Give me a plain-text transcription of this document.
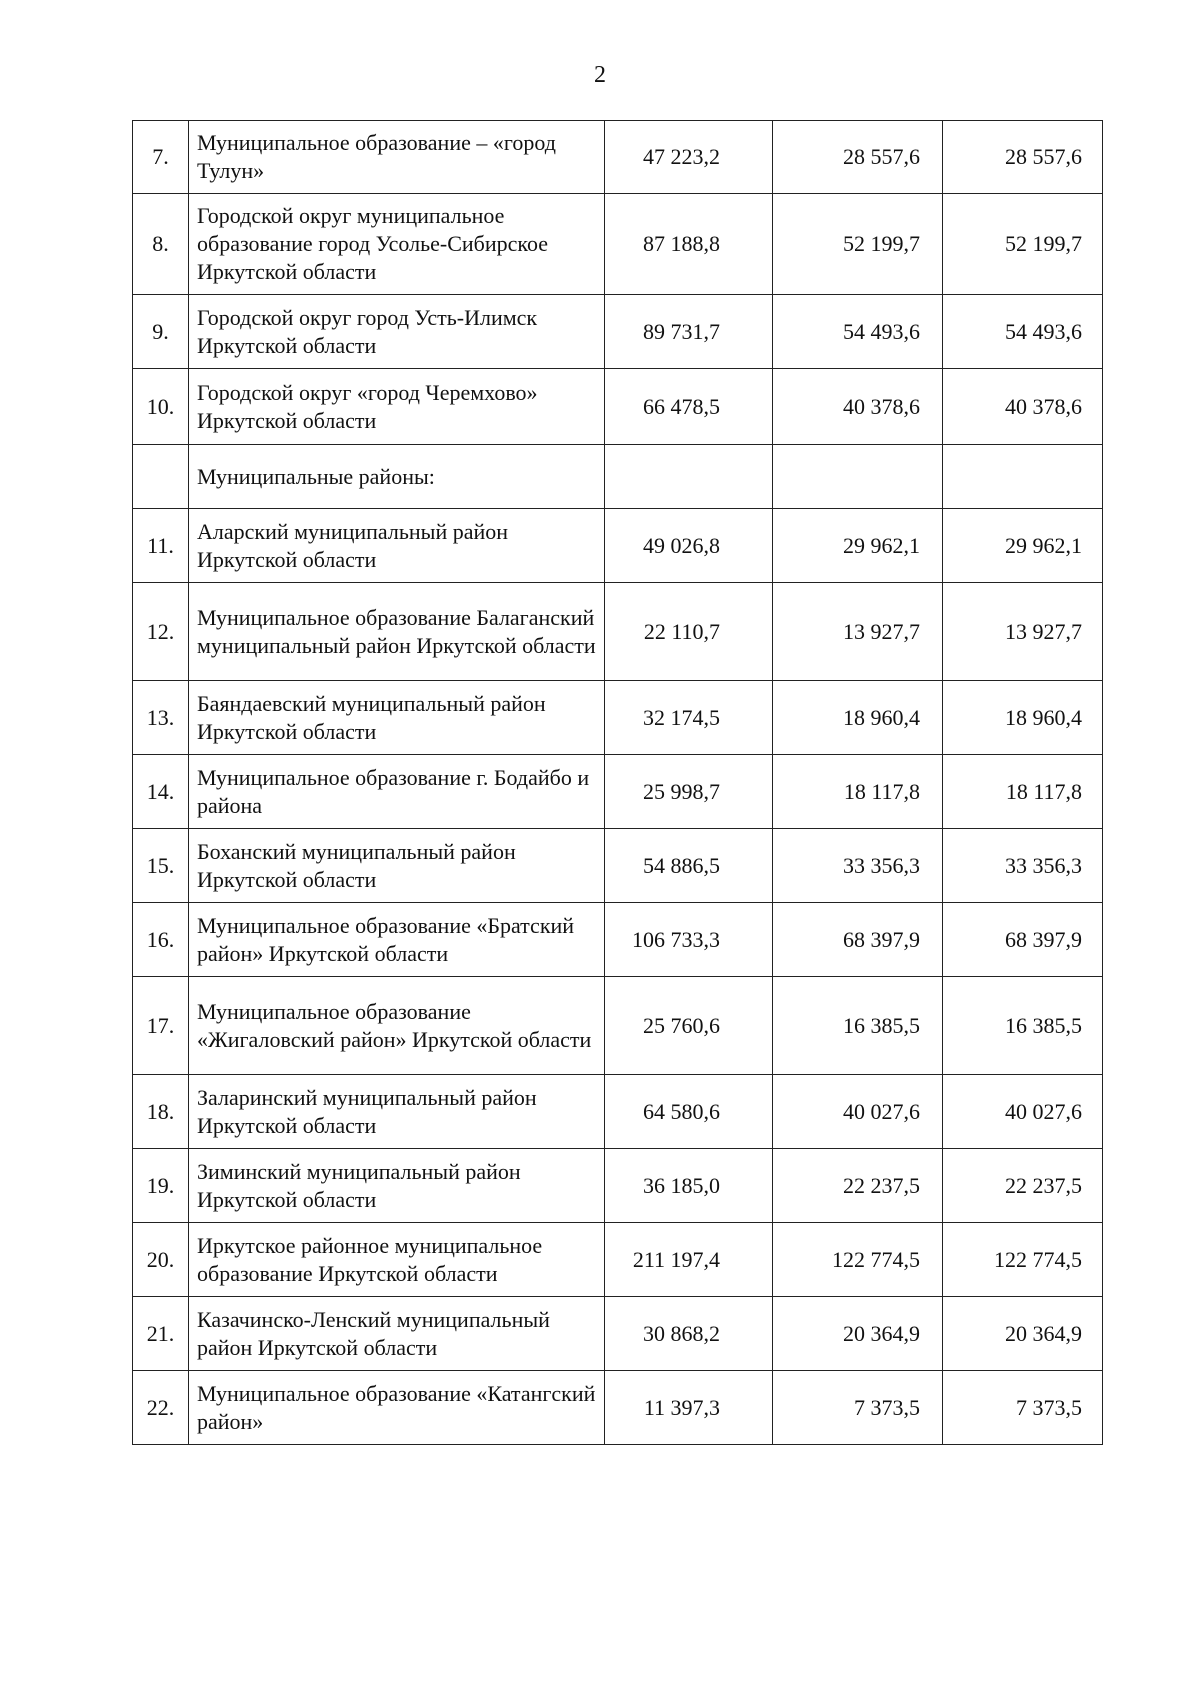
2
7.	Муниципальное образование – «город Тулун»	47 223,2	28 557,6	28 557,6
8.	Городской округ муниципальное образование город Усолье-Сибирское Иркутской области	87 188,8	52 199,7	52 199,7
9.	Городской округ город Усть-Илимск Иркутской области	89 731,7	54 493,6	54 493,6
10.	Городской округ «город Черемхово» Иркутской области	66 478,5	40 378,6	40 378,6
	Муниципальные районы:			
11.	Аларский муниципальный район Иркутской области	49 026,8	29 962,1	29 962,1
12.	Муниципальное образование Балаганский муниципальный район Иркутской области	22 110,7	13 927,7	13 927,7
13.	Баяндаевский муниципальный район Иркутской области	32 174,5	18 960,4	18 960,4
14.	Муниципальное образование г. Бодайбо и района	25 998,7	18 117,8	18 117,8
15.	Боханский муниципальный район Иркутской области	54 886,5	33 356,3	33 356,3
16.	Муниципальное образование «Братский район» Иркутской области	106 733,3	68 397,9	68 397,9
17.	Муниципальное образование «Жигаловский район» Иркутской области	25 760,6	16 385,5	16 385,5
18.	Заларинский муниципальный район Иркутской области	64 580,6	40 027,6	40 027,6
19.	Зиминский муниципальный район Иркутской области	36 185,0	22 237,5	22 237,5
20.	Иркутское районное муниципальное образование Иркутской области	211 197,4	122 774,5	122 774,5
21.	Казачинско-Ленский муниципальный район Иркутской области	30 868,2	20 364,9	20 364,9
22.	Муниципальное образование «Катангский район»	11 397,3	7 373,5	7 373,5
